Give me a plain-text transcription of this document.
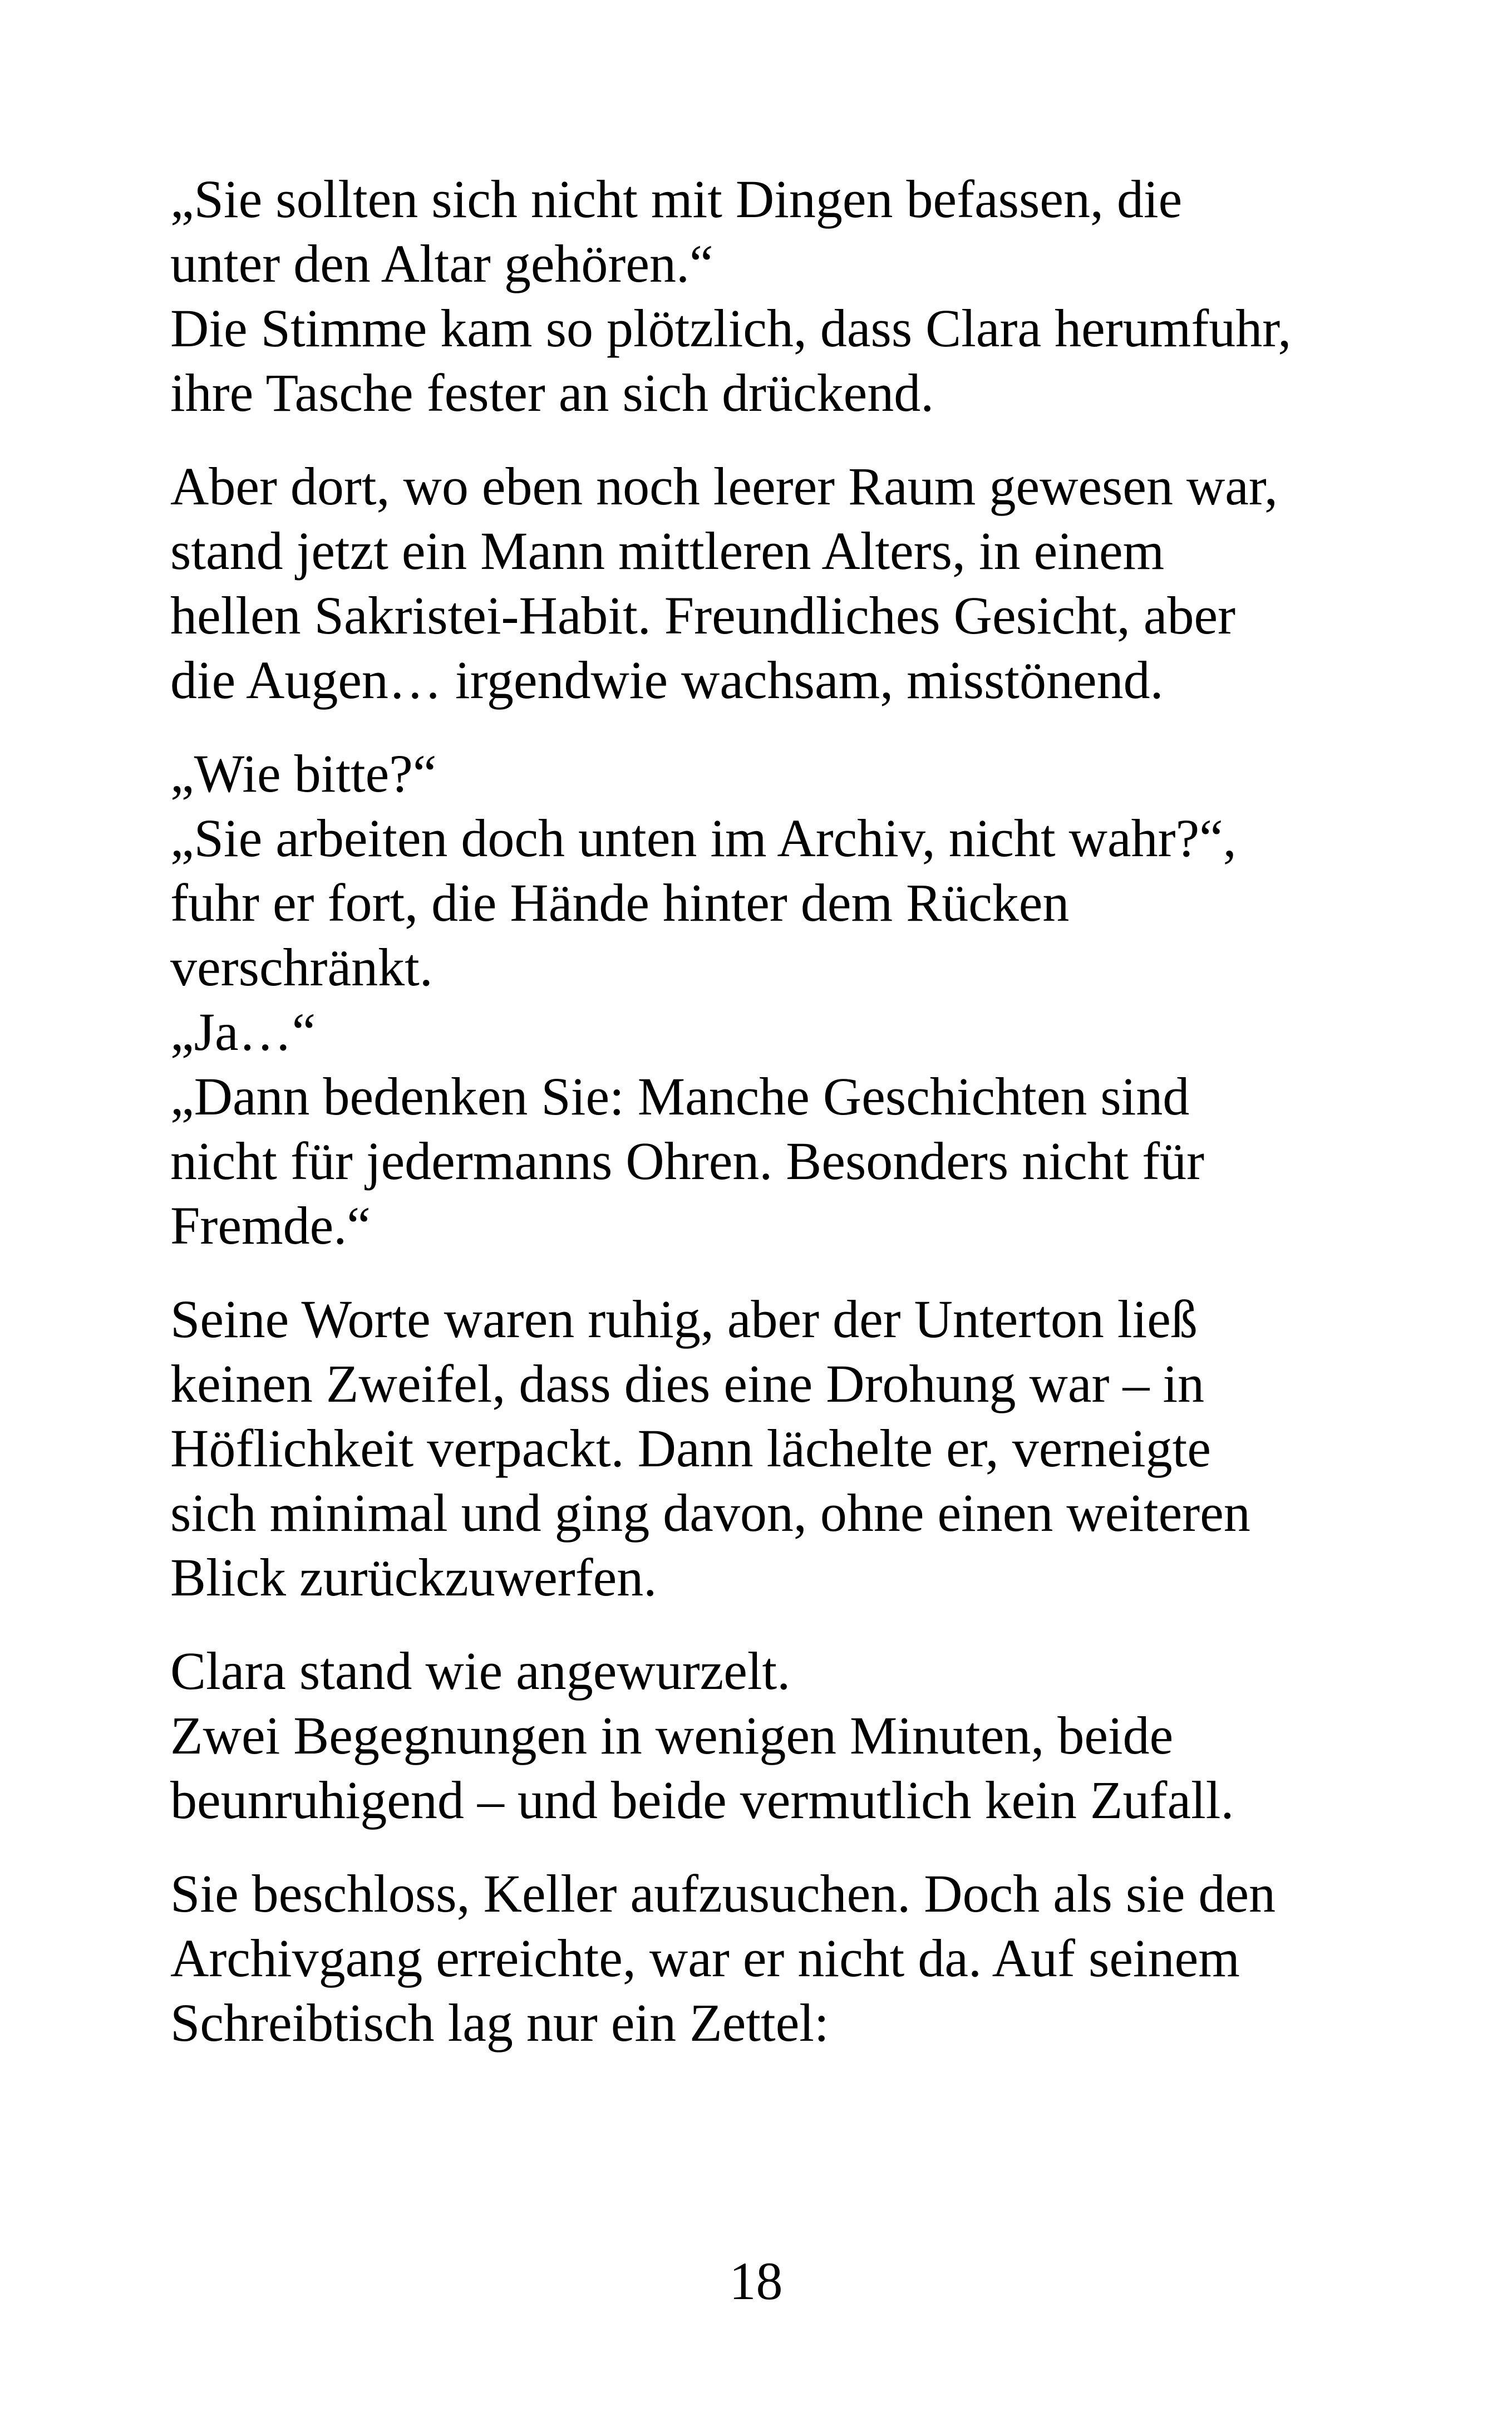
„Sie sollten sich nicht mit Dingen befassen, die
unter den Altar gehören.“
Die Stimme kam so plötzlich, dass Clara herumfuhr,
ihre Tasche fester an sich drückend.

Aber dort, wo eben noch leerer Raum gewesen war,
stand jetzt ein Mann mittleren Alters, in einem
hellen Sakristei-Habit. Freundliches Gesicht, aber
die Augen… irgendwie wachsam, misstönend.

„Wie bitte?“
„Sie arbeiten doch unten im Archiv, nicht wahr?“,
fuhr er fort, die Hände hinter dem Rücken
verschränkt.
„Ja…“
„Dann bedenken Sie: Manche Geschichten sind
nicht für jedermanns Ohren. Besonders nicht für
Fremde.“

Seine Worte waren ruhig, aber der Unterton ließ
keinen Zweifel, dass dies eine Drohung war – in
Höflichkeit verpackt. Dann lächelte er, verneigte
sich minimal und ging davon, ohne einen weiteren
Blick zurückzuwerfen.

Clara stand wie angewurzelt.
Zwei Begegnungen in wenigen Minuten, beide
beunruhigend – und beide vermutlich kein Zufall.

Sie beschloss, Keller aufzusuchen. Doch als sie den
Archivgang erreichte, war er nicht da. Auf seinem
Schreibtisch lag nur ein Zettel:

18
